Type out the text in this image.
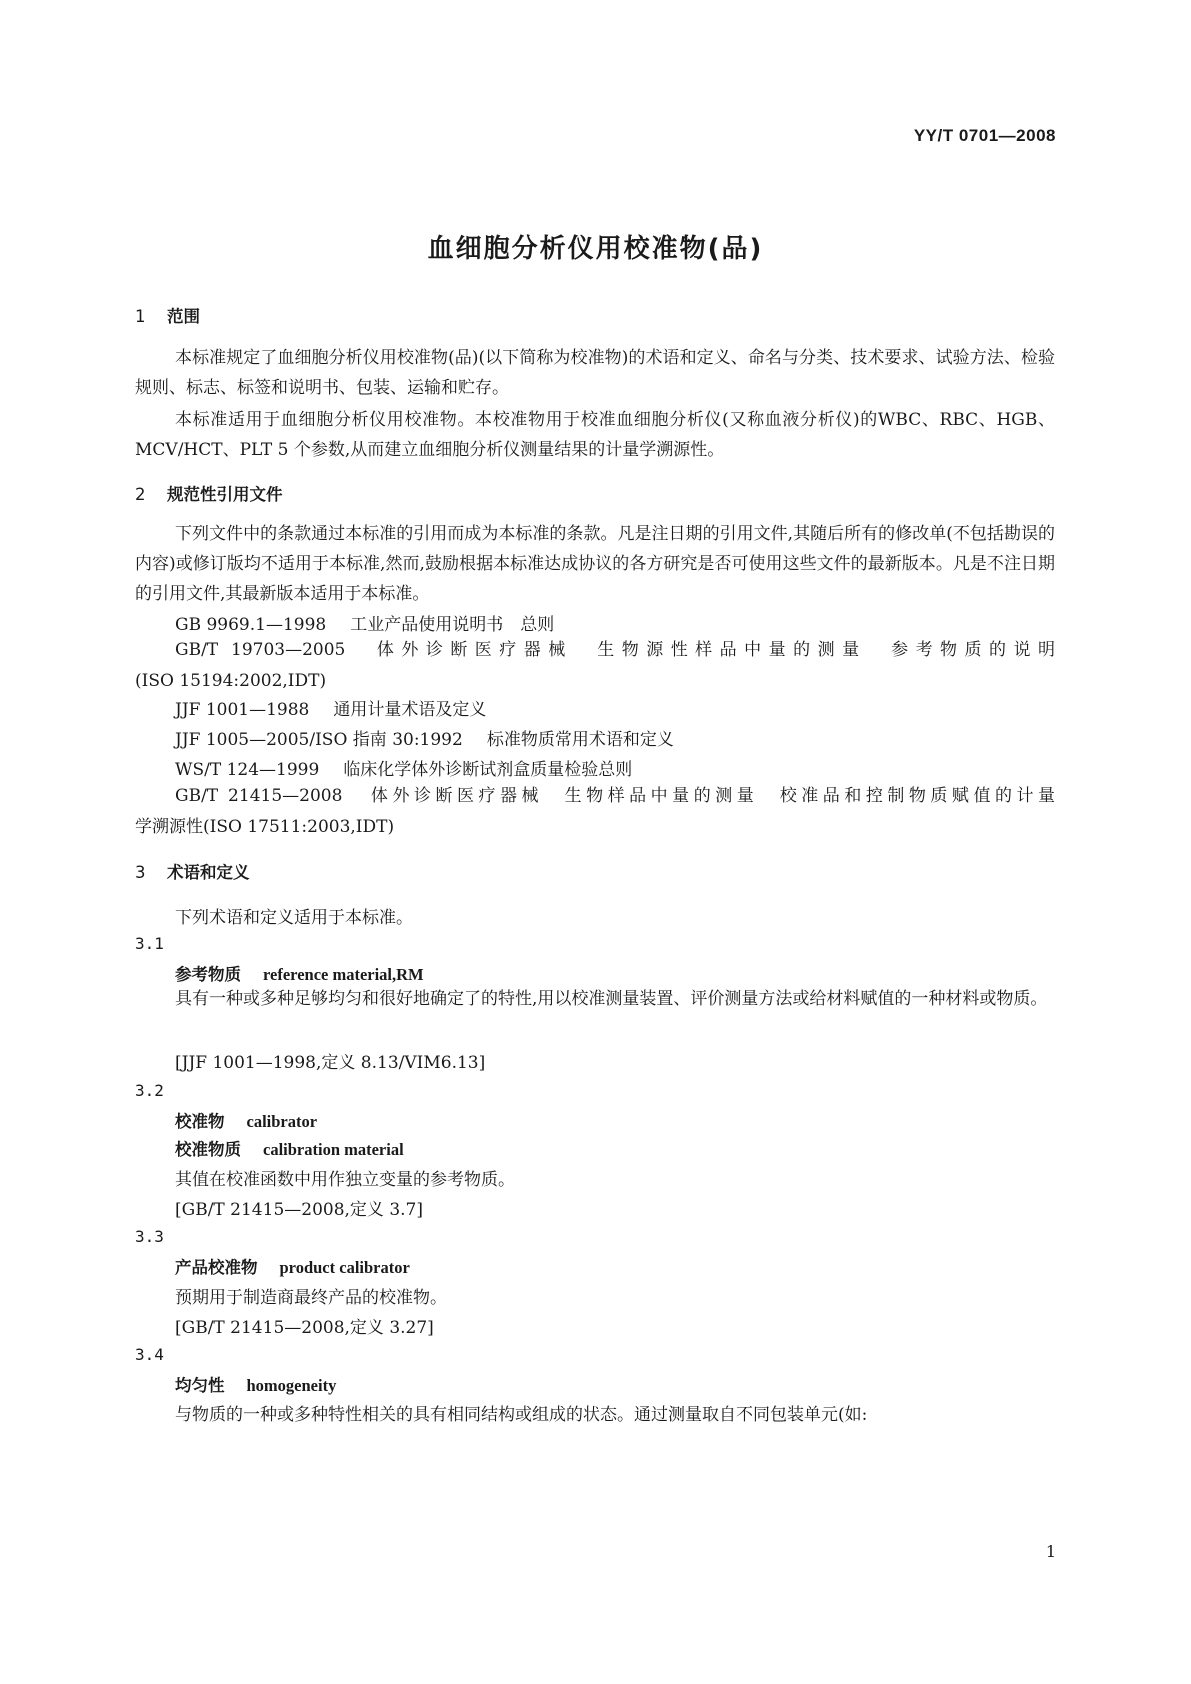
YY/T 0701—2008
血细胞分析仪用校准物(品)
1 范围
本标准规定了血细胞分析仪用校准物(品)(以下简称为校准物)的术语和定义、命名与分类、技术要求、试验方法、检验规则、标志、标签和说明书、包装、运输和贮存。
本标准适用于血细胞分析仪用校准物。本校准物用于校准血细胞分析仪(又称血液分析仪)的WBC、RBC、HGB、MCV/HCT、PLT 5 个参数,从而建立血细胞分析仪测量结果的计量学溯源性。
2 规范性引用文件
下列文件中的条款通过本标准的引用而成为本标准的条款。凡是注日期的引用文件,其随后所有的修改单(不包括勘误的内容)或修订版均不适用于本标准,然而,鼓励根据本标准达成协议的各方研究是否可使用这些文件的最新版本。凡是不注日期的引用文件,其最新版本适用于本标准。
GB 9969.1—1998 工业产品使用说明书　总则
GB/T 19703—2005 体外诊断医疗器械　生物源性样品中量的测量　参考物质的说明
(ISO 15194:2002,IDT)
JJF 1001—1988 通用计量术语及定义
JJF 1005—2005/ISO 指南 30:1992 标准物质常用术语和定义
WS/T 124—1999 临床化学体外诊断试剂盒质量检验总则
GB/T 21415—2008 体外诊断医疗器械　生物样品中量的测量　校准品和控制物质赋值的计量
学溯源性(ISO 17511:2003,IDT)
3 术语和定义
下列术语和定义适用于本标准。
3.1
参考物质 reference material,RM
具有一种或多种足够均匀和很好地确定了的特性,用以校准测量装置、评价测量方法或给材料赋值的一种材料或物质。
[JJF 1001—1998,定义 8.13/VIM6.13]
3.2
校准物 calibrator
校准物质 calibration material
其值在校准函数中用作独立变量的参考物质。
[GB/T 21415—2008,定义 3.7]
3.3
产品校准物 product calibrator
预期用于制造商最终产品的校准物。
[GB/T 21415—2008,定义 3.27]
3.4
均匀性 homogeneity
与物质的一种或多种特性相关的具有相同结构或组成的状态。通过测量取自不同包装单元(如:
1
